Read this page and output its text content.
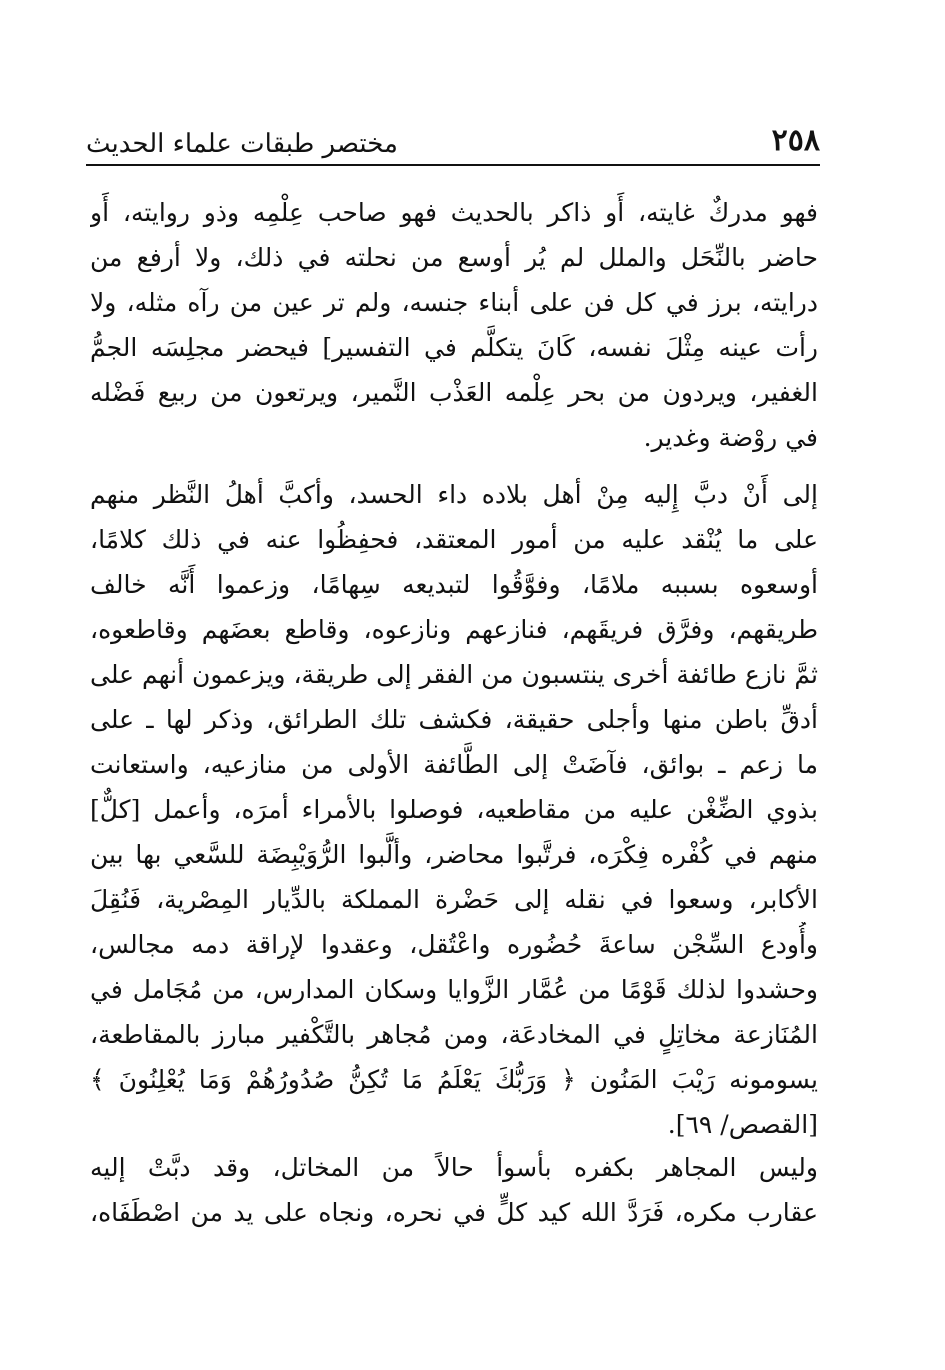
٢٥٨
مختصر طبقات علماء الحديث
فهو مدركٌ غايته، أَو ذاكر بالحديث فهو صاحب عِلْمِه وذو روايته، أَو
حاضر بالنِّحَل والملل لم يُر أوسع من نحلته في ذلك، ولا أرفع من
درايته، برز في كل فن على أبناء جنسه، ولم تر عين من رآه مثله، ولا
رأت عينه مِثْلَ نفسه، كَانَ يتكلَّم في التفسير] فيحضر مجلِسَه الجمُّ
الغفير، ويردون من بحر عِلْمه العَذْب النَّمير، ويرتعون من ربيع فَضْله
في روْضة وغدير.
إلى أَنْ دبَّ إِليه مِنْ أهل بلاده داء الحسد، وأكبَّ أهلُ النَّظر منهم
على ما يُنْقد عليه من أمور المعتقد، فحفِظُوا عنه في ذلك كلامًا،
أوسعوه بسببه ملامًا، وفوَّقُوا لتبديعه سِهامًا، وزعموا أَنَّه خالف
طريقهم، وفرَّق فريقَهم، فنازعهم ونازعوه، وقاطع بعضَهم وقاطعوه،
ثمَّ نازع طائفة أخرى ينتسبون من الفقر إلى طريقة، ويزعمون أنهم على
أدقِّ باطن منها وأجلى حقيقة، فكشف تلك الطرائق، وذكر لها ـ على
ما زعم ـ بوائق، فآضَتْ إلى الطَّائفة الأولى من منازعيه، واستعانت
بذوي الضِّغْن عليه من مقاطعيه، فوصلوا بالأمراء أمرَه، وأعمل [كلٌّ]
منهم في كُفْره فِكْرَه، فرتَّبوا محاضر، وألَّبوا الرُّوَيْبِضَة للسَّعي بها بين
الأكابر، وسعوا في نقله إلى حَضْرة المملكة بالدِّيار المِصْرية، فَنُقِلَ
وأُودع السِّجْن ساعةَ حُضُوره واعْتُقل، وعقدوا لإراقة دمه مجالس،
وحشدوا لذلك قَوْمًا من عُمَّار الزَّوايا وسكان المدارس، من مُجَامل في
المُنَازعة مخاتِلٍ في المخادعَة، ومن مُجاهر بالتَّكْفير مبارز بالمقاطعة،
يسومونه رَيْبَ المَنُون ﴿ وَرَبُّكَ يَعْلَمُ مَا تُكِنُّ صُدُورُهُمْ وَمَا يُعْلِنُونَ ﴾
[القصص/ ٦٩].
وليس المجاهر بكفره بأسوأ حالاً من المخاتل، وقد دبَّتْ إليه
عقارب مكره، فَرَدَّ الله كيد كلٍّ في نحره، ونجاه على يد من اصْطَفَاه،
